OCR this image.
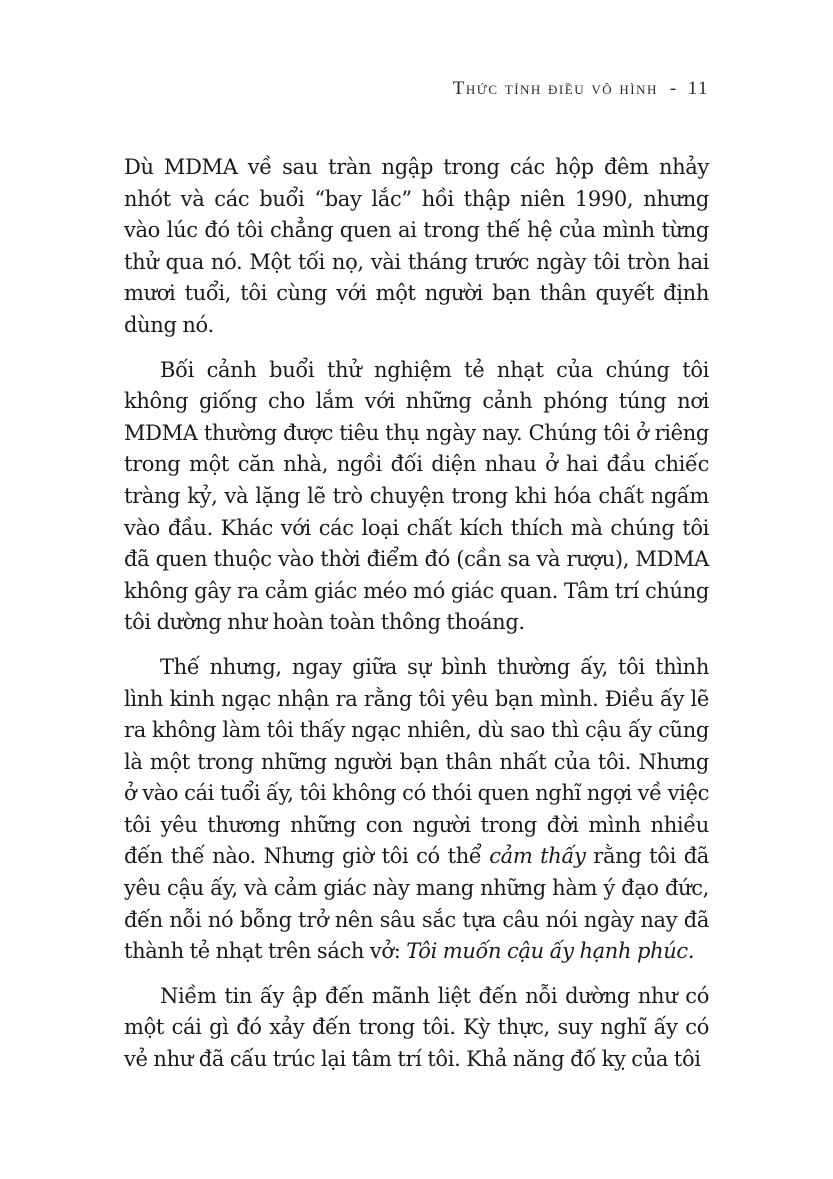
Thức tỉnh điều vô hình - 11

Dù MDMA về sau tràn ngập trong các hộp đêm nhảy nhót và các buổi “bay lắc” hồi thập niên 1990, nhưng vào lúc đó tôi chẳng quen ai trong thế hệ của mình từng thử qua nó. Một tối nọ, vài tháng trước ngày tôi tròn hai mươi tuổi, tôi cùng với một người bạn thân quyết định dùng nó.

Bối cảnh buổi thử nghiệm tẻ nhạt của chúng tôi không giống cho lắm với những cảnh phóng túng nơi MDMA thường được tiêu thụ ngày nay. Chúng tôi ở riêng trong một căn nhà, ngồi đối diện nhau ở hai đầu chiếc tràng kỷ, và lặng lẽ trò chuyện trong khi hóa chất ngấm vào đầu. Khác với các loại chất kích thích mà chúng tôi đã quen thuộc vào thời điểm đó (cần sa và rượu), MDMA không gây ra cảm giác méo mó giác quan. Tâm trí chúng tôi dường như hoàn toàn thông thoáng.

Thế nhưng, ngay giữa sự bình thường ấy, tôi thình lình kinh ngạc nhận ra rằng tôi yêu bạn mình. Điều ấy lẽ ra không làm tôi thấy ngạc nhiên, dù sao thì cậu ấy cũng là một trong những người bạn thân nhất của tôi. Nhưng ở vào cái tuổi ấy, tôi không có thói quen nghĩ ngợi về việc tôi yêu thương những con người trong đời mình nhiều đến thế nào. Nhưng giờ tôi có thể cảm thấy rằng tôi đã yêu cậu ấy, và cảm giác này mang những hàm ý đạo đức, đến nỗi nó bỗng trở nên sâu sắc tựa câu nói ngày nay đã thành tẻ nhạt trên sách vở: Tôi muốn cậu ấy hạnh phúc.

Niềm tin ấy ập đến mãnh liệt đến nỗi dường như có một cái gì đó xảy đến trong tôi. Kỳ thực, suy nghĩ ấy có vẻ như đã cấu trúc lại tâm trí tôi. Khả năng đố kỵ của tôi
